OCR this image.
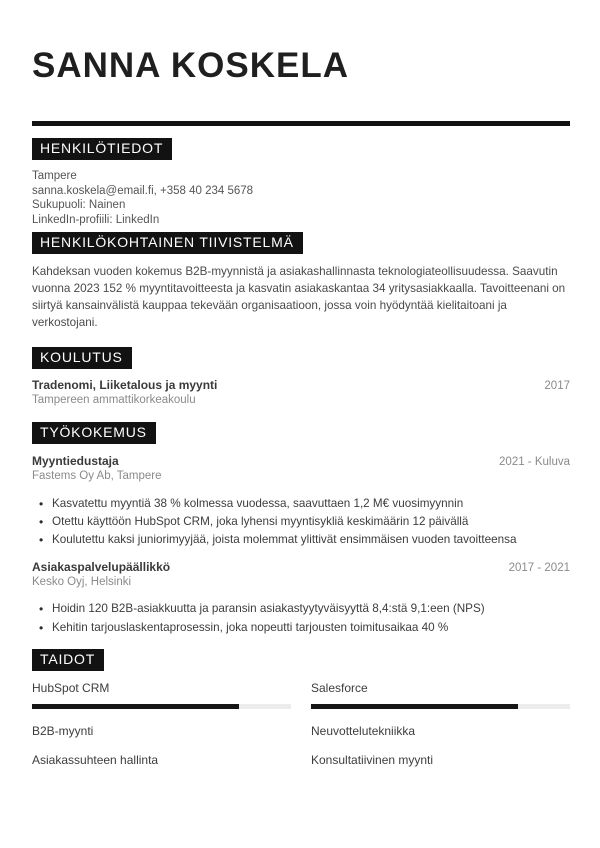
SANNA KOSKELA
HENKILÖTIEDOT
Tampere
sanna.koskela@email.fi, +358 40 234 5678
Sukupuoli: Nainen
LinkedIn-profiili: LinkedIn
HENKILÖKOHTAINEN TIIVISTELMÄ

Kahdeksan vuoden kokemus B2B-myynnistä ja asiakashallinnasta teknologiateollisuudessa. Saavutin vuonna 2023 152 % myyntitavoitteesta ja kasvatin asiakaskantaa 34 yritysasiakkaalla. Tavoitteenani on siirtyä kansainvälistä kauppaa tekevään organisaatioon, jossa voin hyödyntää kielitaitoani ja verkostojani.

KOULUTUS
Tradenomi, Liiketalous ja myynti	2017
Tampereen ammattikorkeakoulu
TYÖKOKEMUS
Myyntiedustaja	2021 - Kuluva
Fastems Oy Ab, Tampere
• Kasvatettu myyntiä 38 % kolmessa vuodessa, saavuttaen 1,2 M€ vuosimyynnin
• Otettu käyttöön HubSpot CRM, joka lyhensi myyntisykliä keskimäärin 12 päivällä
• Koulutettu kaksi juniorimyyjää, joista molemmat ylittivät ensimmäisen vuoden tavoitteensa
Asiakaspalvelupäällikkö	2017 - 2021
Kesko Oyj, Helsinki
• Hoidin 120 B2B-asiakkuutta ja paransin asiakastyytyväisyyttä 8,4:stä 9,1:een (NPS)
• Kehitin tarjouslaskentaprosessin, joka nopeutti tarjousten toimitusaikaa 40 %
TAIDOT
HubSpot CRM	Salesforce
B2B-myynti	Neuvottelutekniikka
Asiakassuhteen hallinta	Konsultatiivinen myynti
